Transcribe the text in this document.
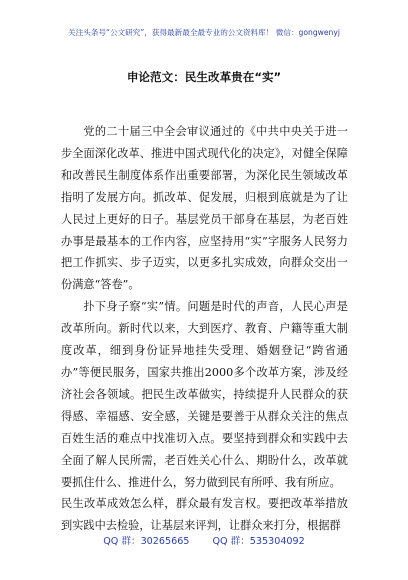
关注头条号“公文研究”，获得最新最全最专业的公文资料库！ 微信：gongwenyj
申论范文：民生改革贵在“实”

党的二十届三中全会审议通过的《中共中央关于进一步全面深化改革、推进中国式现代化的决定》，对健全保障和改善民生制度体系作出重要部署，为深化民生领域改革指明了发展方向。抓改革、促发展，归根到底就是为了让人民过上更好的日子。基层党员干部身在基层，为老百姓办事是最基本的工作内容，应坚持用“实”字服务人民努力把工作抓实、步子迈实，以更多扎实成效，向群众交出一份满意“答卷”。

扑下身子察“实”情。问题是时代的声音，人民心声是改革所向。新时代以来，大到医疗、教育、户籍等重大制度改革，细到身份证异地挂失受理、婚姻登记“跨省通办”等便民服务，国家共推出2000多个改革方案，涉及经济社会各领域。把民生改革做实，持续提升人民群众的获得感、幸福感、安全感，关键是要善于从群众关注的焦点百姓生活的难点中找准切入点。要坚持到群众和实践中去全面了解人民所需，老百姓关心什么、期盼什么，改革就要抓住什么、推进什么，努力做到民有所呼、我有所应。

民生改革成效怎么样，群众最有发言权。要把改革举措放到实践中去检验，让基层来评判，让群众来打分，根据群

QQ 群：30265665 QQ 群：535304092
